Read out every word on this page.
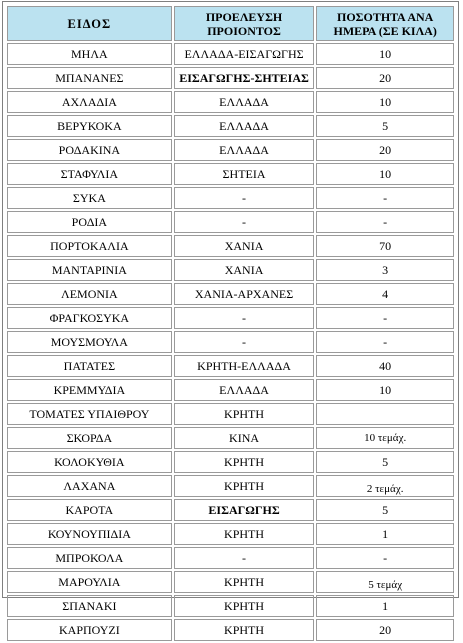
ΕΙΔΟΣ	ΠΡΟΕΛΕΥΣΗ ΠΡΟΙΟΝΤΟΣ	ΠΟΣΟΤΗΤΑ ΑΝΑ ΗΜΕΡΑ (ΣΕ ΚΙΛΑ)
ΜΗΛΑ	ΕΛΛΑΔΑ-ΕΙΣΑΓΩΓΗΣ	10
ΜΠΑΝΑΝΕΣ	ΕΙΣΑΓΩΓΗΣ-ΣΗΤΕΙΑΣ	20
ΑΧΛΑΔΙΑ	ΕΛΛΑΔΑ	10
ΒΕΡΥΚΟΚΑ	ΕΛΛΑΔΑ	5
ΡΟΔΑΚΙΝΑ	ΕΛΛΑΔΑ	20
ΣΤΑΦΥΛΙΑ	ΣΗΤΕΙΑ	10
ΣΥΚΑ	-	-
ΡΟΔΙΑ	-	-
ΠΟΡΤΟΚΑΛΙΑ	ΧΑΝΙΑ	70
ΜΑΝΤΑΡΙΝΙΑ	ΧΑΝΙΑ	3
ΛΕΜΟΝΙΑ	ΧΑΝΙΑ-ΑΡΧΑΝΕΣ	4
ΦΡΑΓΚΟΣΥΚΑ	-	-
ΜΟΥΣΜΟΥΛΑ	-	-
ΠΑΤΑΤΕΣ	ΚΡΗΤΗ-ΕΛΛΑΔΑ	40
ΚΡΕΜΜΥΔΙΑ	ΕΛΛΑΔΑ	10
ΤΟΜΑΤΕΣ ΥΠΑΙΘΡΟΥ	ΚΡΗΤΗ	
ΣΚΟΡΔΑ	ΚΙΝΑ	10 τεμάχ.
ΚΟΛΟΚΥΘΙΑ	ΚΡΗΤΗ	5
ΛΑΧΑΝΑ	ΚΡΗΤΗ	2 τεμάχ.
ΚΑΡΟΤΑ	ΕΙΣΑΓΩΓΗΣ	5
ΚΟΥΝΟΥΠΙΔΙΑ	ΚΡΗΤΗ	1
ΜΠΡΟΚΟΛΑ	-	-
ΜΑΡΟΥΛΙΑ	ΚΡΗΤΗ	5 τεμάχ
ΣΠΑΝΑΚΙ	ΚΡΗΤΗ	1
ΚΑΡΠΟΥΖΙ	ΚΡΗΤΗ	20
